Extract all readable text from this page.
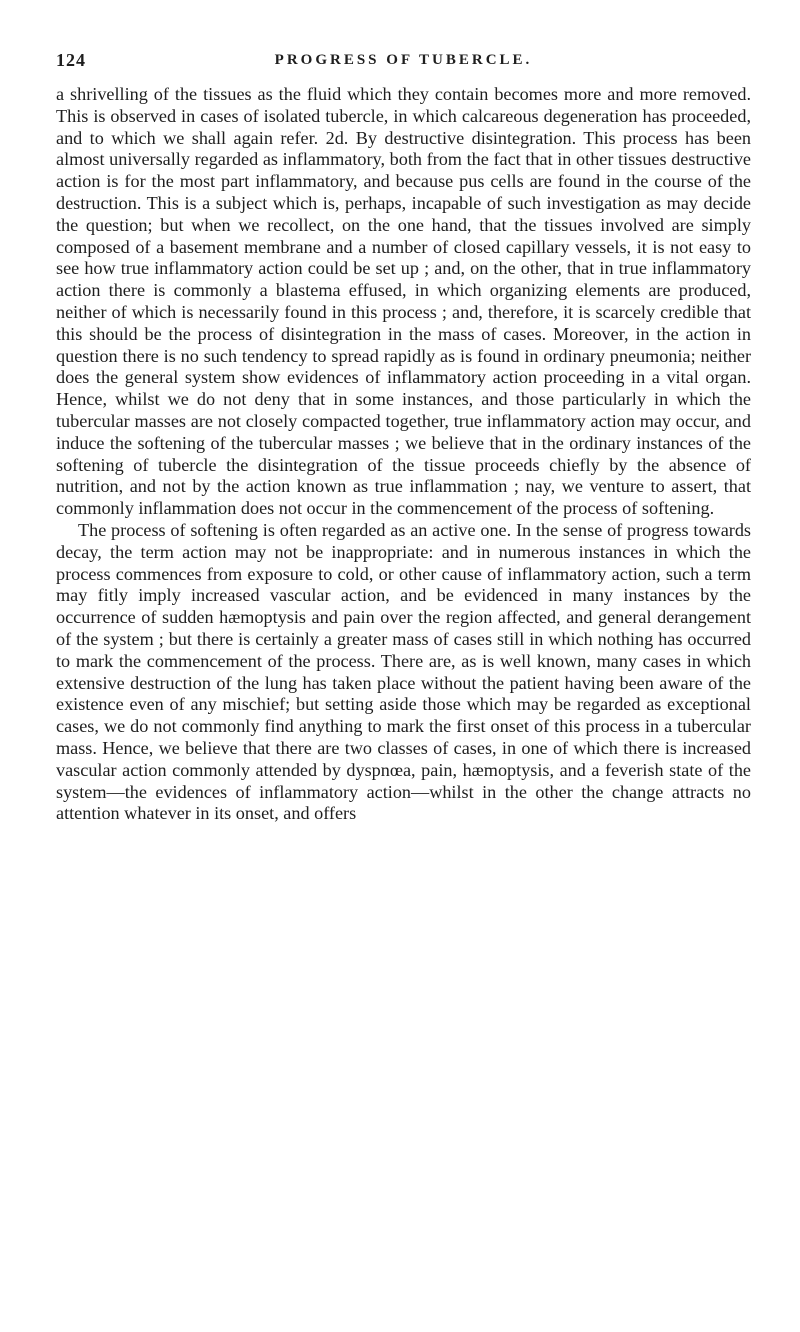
124	PROGRESS OF TUBERCLE.

a shrivelling of the tissues as the fluid which they contain becomes more and more removed. This is observed in cases of isolated tubercle, in which calcareous degeneration has proceeded, and to which we shall again refer. 2d. By destructive disintegration. This process has been almost universally regarded as inflammatory, both from the fact that in other tissues destructive action is for the most part inflammatory, and because pus cells are found in the course of the destruction. This is a subject which is, perhaps, incapable of such investigation as may decide the question; but when we recollect, on the one hand, that the tissues involved are simply composed of a basement membrane and a number of closed capillary vessels, it is not easy to see how true inflammatory action could be set up ; and, on the other, that in true inflammatory action there is commonly a blastema effused, in which organizing elements are produced, neither of which is necessarily found in this process ; and, therefore, it is scarcely credible that this should be the process of disintegration in the mass of cases. Moreover, in the action in question there is no such tendency to spread rapidly as is found in ordinary pneumonia; neither does the general system show evidences of inflammatory action proceeding in a vital organ. Hence, whilst we do not deny that in some instances, and those particularly in which the tubercular masses are not closely compacted together, true inflammatory action may occur, and induce the softening of the tubercular masses ; we believe that in the ordinary instances of the softening of tubercle the disintegration of the tissue proceeds chiefly by the absence of nutrition, and not by the action known as true inflammation ; nay, we venture to assert, that commonly inflammation does not occur in the commencement of the process of softening.

The process of softening is often regarded as an active one. In the sense of progress towards decay, the term action may not be inappropriate: and in numerous instances in which the process commences from exposure to cold, or other cause of inflammatory action, such a term may fitly imply increased vascular action, and be evidenced in many instances by the occurrence of sudden hæmoptysis and pain over the region affected, and general derangement of the system ; but there is certainly a greater mass of cases still in which nothing has occurred to mark the commencement of the process. There are, as is well known, many cases in which extensive destruction of the lung has taken place without the patient having been aware of the existence even of any mischief; but setting aside those which may be regarded as exceptional cases, we do not commonly find anything to mark the first onset of this process in a tubercular mass. Hence, we believe that there are two classes of cases, in one of which there is increased vascular action commonly attended by dyspnœa, pain, hæmoptysis, and a feverish state of the system—the evidences of inflammatory action—whilst in the other the change attracts no attention whatever in its onset, and offers
